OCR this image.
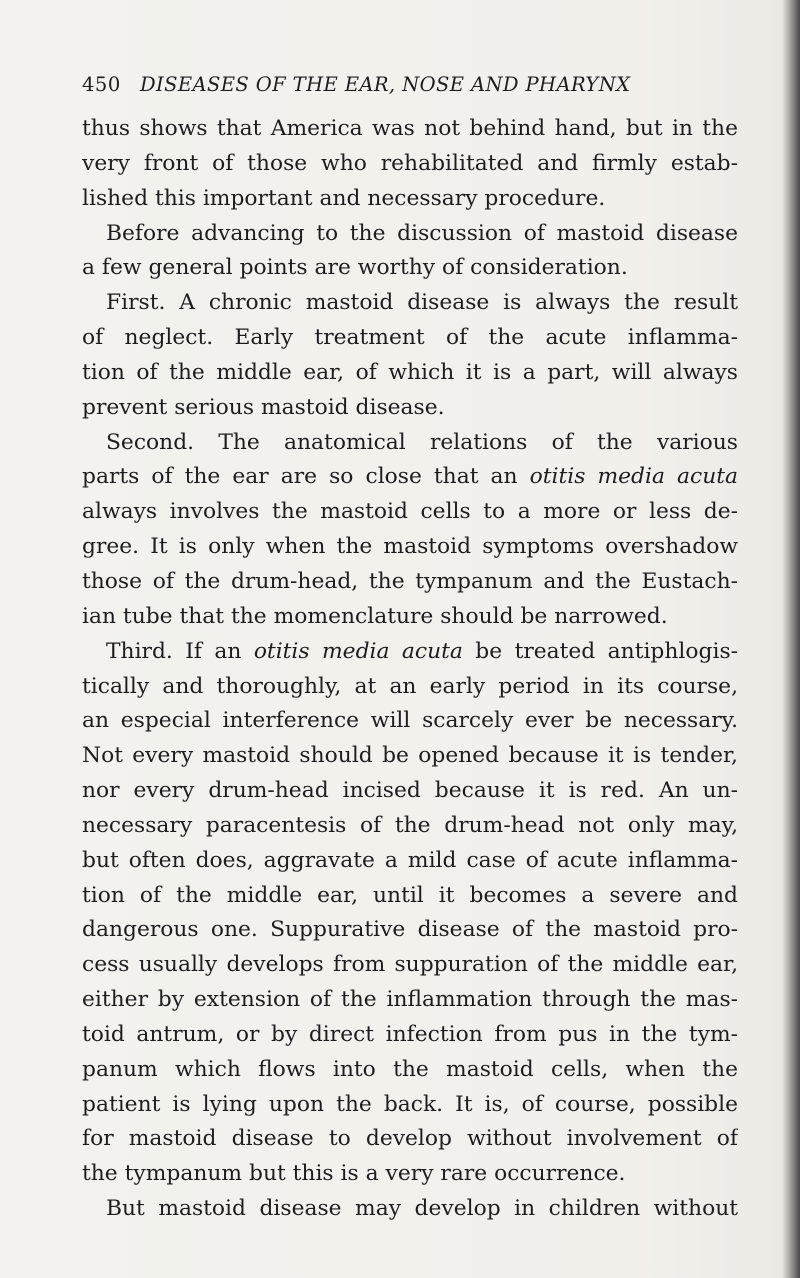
450 DISEASES OF THE EAR, NOSE AND PHARYNX
thus shows that America was not behind hand, but in the
very front of those who rehabilitated and firmly estab-
lished this important and necessary procedure.
Before advancing to the discussion of mastoid disease
a few general points are worthy of consideration.
First. A chronic mastoid disease is always the result
of neglect. Early treatment of the acute inflamma-
tion of the middle ear, of which it is a part, will always
prevent serious mastoid disease.
Second. The anatomical relations of the various
parts of the ear are so close that an otitis media acuta
always involves the mastoid cells to a more or less de-
gree. It is only when the mastoid symptoms overshadow
those of the drum-head, the tympanum and the Eustach-
ian tube that the momenclature should be narrowed.
Third. If an otitis media acuta be treated antiphlogis-
tically and thoroughly, at an early period in its course,
an especial interference will scarcely ever be necessary.
Not every mastoid should be opened because it is tender,
nor every drum-head incised because it is red. An un-
necessary paracentesis of the drum-head not only may,
but often does, aggravate a mild case of acute inflamma-
tion of the middle ear, until it becomes a severe and
dangerous one. Suppurative disease of the mastoid pro-
cess usually develops from suppuration of the middle ear,
either by extension of the inflammation through the mas-
toid antrum, or by direct infection from pus in the tym-
panum which flows into the mastoid cells, when the
patient is lying upon the back. It is, of course, possible
for mastoid disease to develop without involvement of
the tympanum but this is a very rare occurrence.
But mastoid disease may develop in children without
